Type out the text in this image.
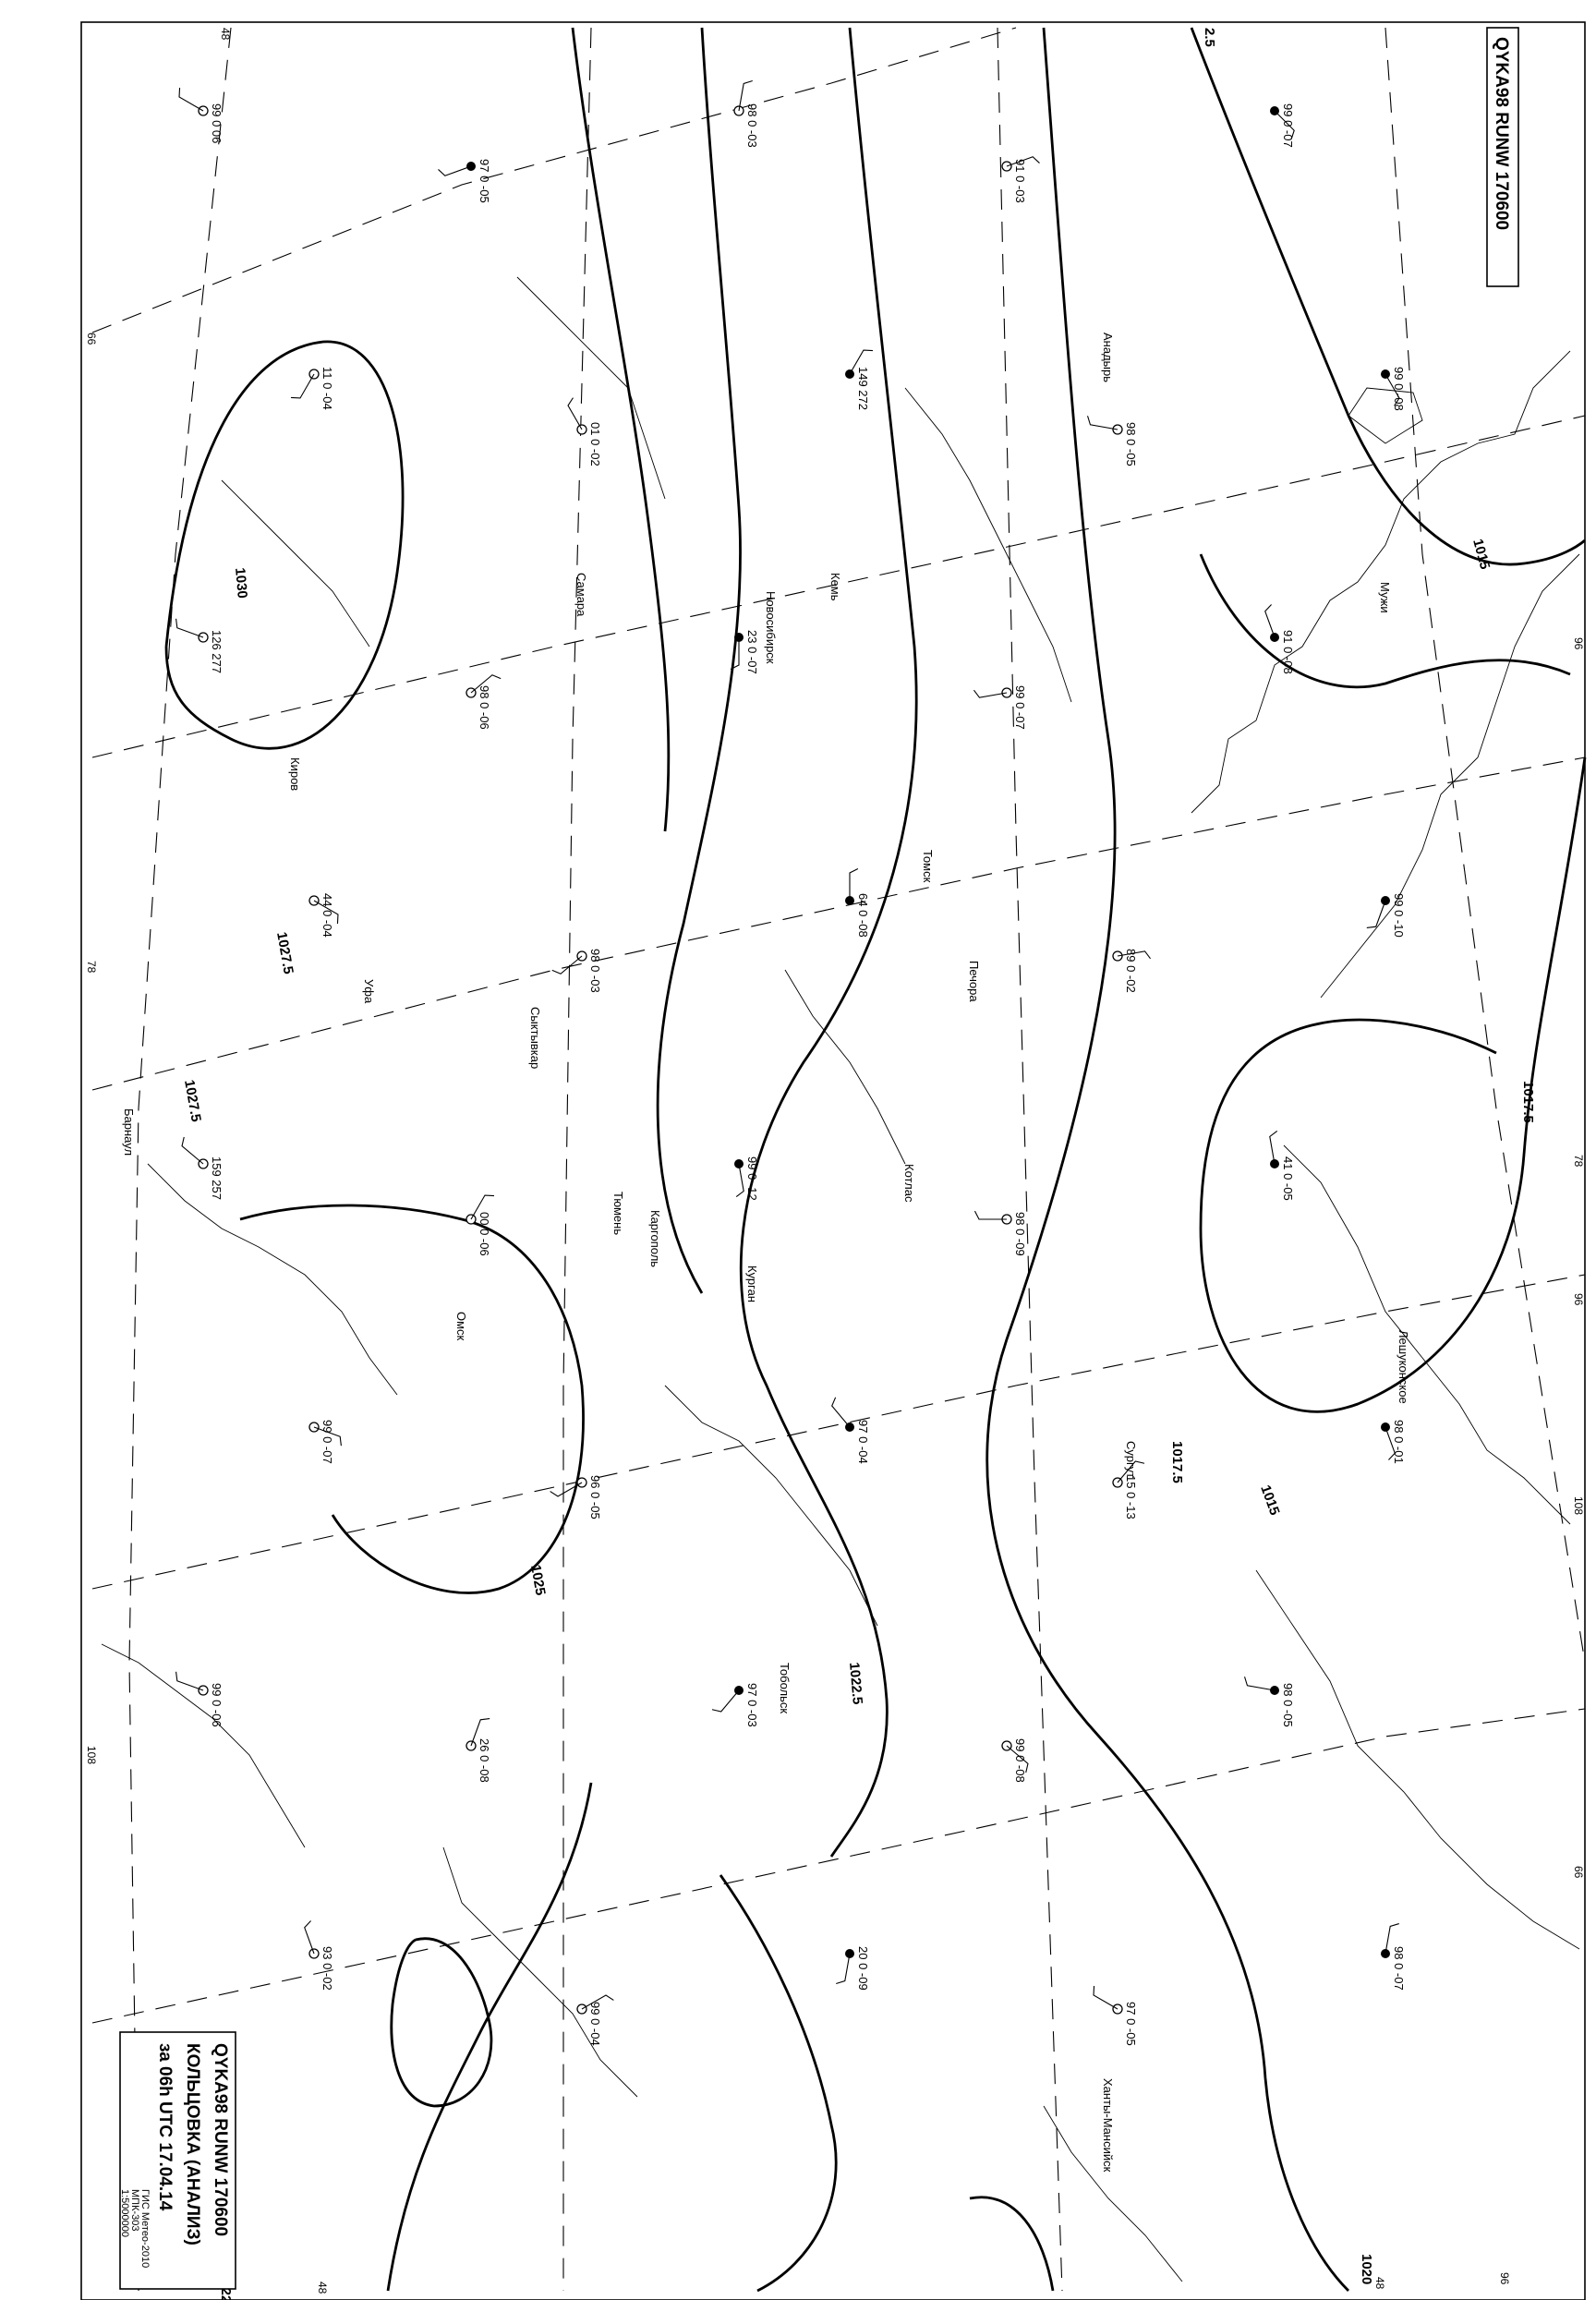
1015
1017.5
1017.5
1020
1022.5
1025
1027.5
1027.5
1030
2.5
1015
66
96
48
78
108
48
108
96
66
96
48
78
Мужи
Анадырь
Лешуконское
Печора
Кемь
Каргополь
Котлас
Сыктывкар
Киров
Самара
Уфа
Курган
Омск
Тобольск
Ханты-Мансийск
Сургут
Тюмень
Барнаул
Томск
Новосибирск
99 0 06
97 0 -05
98 0 -03
91 0 -03
99 0 -07
11 0 -04
01 0 -02
149 272
98 0 -05
99 0 -08
126 277
98 0 -06
23 0 -07
99 0 -07
91 0 -08
44 0 -04
98 0 -03
64 0 -08
89 0 -02
99 0 -10
159 257
00 0 -06
99 0 -12
98 0 -09
41 0 -05
99 0 -07
96 0 -05
97 0 -04
15 0 -13
98 0 -01
99 0 -06
26 0 -08
97 0 -03
99 0 -08
98 0 -05
93 0 -02
99 0 -04
20 0 -09
97 0 -05
98 0 -07
QYKA98 RUNW 170600
QYKA98 RUNW 170600
КОЛЬЦОВКА (АНАЛИЗ)
за 06h UTC 17.04.14
ГИС Метео-2010
МПК-303
1:5000000
